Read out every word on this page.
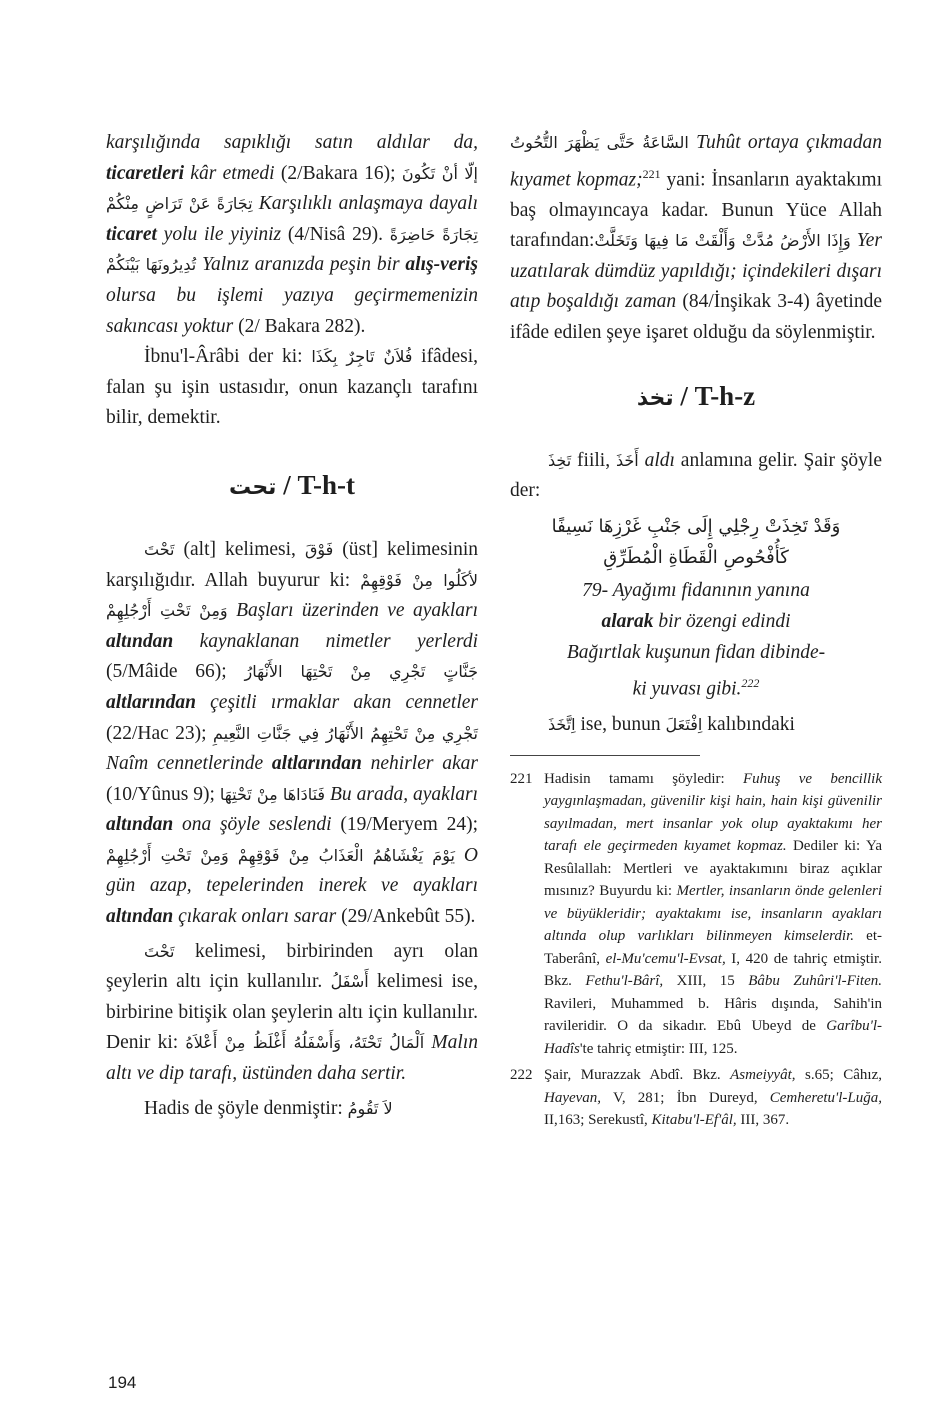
karşılığında sapıklığı satın aldılar da, ticaretleri kâr etmedi (2/Bakara 16); إلّا أنْ تَكُونَ تِجَارَةً عَنْ تَرَاضٍ مِنْكُمْ Karşılıklı anlaşmaya dayalı ticaret yolu ile yiyiniz (4/Nisâ 29). تِجَارَةً حَاضِرَةً تُدِيرُونَهَا بَيْنَكُمْ Yalnız aranızda peşin bir alış-veriş olursa bu işlemi yazıya geçirmemenizin sakıncası yoktur (2/ Bakara 282).

İbnu'l-Ârâbi der ki: فُلاَنٌ تَاجِرٌ بِكَذَا ifâdesi, falan şu işin ustasıdır, onun kazançlı tarafını bilir, demektir.

تحت / T-h-t

تَحْتَ (alt] kelimesi, فَوْقَ (üst] kelimesinin karşılığıdır. Allah buyurur ki: لأكَلُوا مِنْ فَوْقِهِمْ وَمِنْ تَحْتِ أَرْجُلِهِمْ Başları üzerinden ve ayakları altından kaynaklanan nimetler yerlerdi (5/Mâide 66); جَنَّاتٍ تَجْرِي مِنْ تَحْتِهَا الأَنْهَارُ altlarından çeşitli ırmaklar akan cennetler (22/Hac 23); تَجْرِي مِنْ تَحْتِهِمُ الأَنْهَارُ فِي جَنَّاتِ النَّعِيمِ Naîm cennetlerinde altlarından nehirler akar (10/Yûnus 9); فَنَادَاهَا مِنْ تَحْتِهَا Bu arada, ayakları altından ona şöyle seslendi (19/Meryem 24); يَوْمَ يَغْشَاهُمُ الْعَذَابُ مِنْ فَوْقِهِمْ وَمِنْ تَحْتِ أَرْجُلِهِمْ O gün azap, tepelerinden inerek ve ayakları altından çıkarak onları sarar (29/Ankebût 55).

تَحْتَ kelimesi, birbirinden ayrı olan şeylerin altı için kullanılır. أَسْفَلُ kelimesi ise, birbirine bitişik olan şeylerin altı için kullanılır. Denir ki: اَلْمَالُ تَحْتَهُ، وَأَسْفَلُهُ أَغْلَظُ مِنْ أَعْلاَهُ Malın altı ve dip tarafı, üstünden daha sertir.

Hadis de şöyle denmiştir: لاَ تَقُومُ

السَّاعَةُ حَتَّى يَظْهَرَ التُّحُوتُ Tuhût ortaya çıkmadan kıyamet kopmaz;$^{221}$ yani: İnsanların ayaktakımı baş olmayıncaya kadar. Bunun Yüce Allah tarafından:وَإِذَا الأَرْضُ مُدَّتْ وَأَلْقَتْ مَا فِيهَا وَتَخَلَّتْ Yer uzatılarak dümdüz yapıldığı; içindekileri dışarı atıp boşaldığı zaman (84/İnşikak 3-4) âyetinde ifâde edilen şeye işaret olduğu da söylenmiştir.

تخذ / T-h-z

تَخِذَ fiili, أَخَذَ aldı anlamına gelir. Şair şöyle der:

وَقَدْ تَخِذَتْ رِجْلِي إِلَى جَنْبِ غَرْزِهَا نَسِيفًا
كَأُفْحُوصِ الْقَطَاةِ الْمُطَرِّقِ
79- Ayağımı fidanının yanına
alarak bir özengi edindi
Bağırtlak kuşunun fidan dibinde-
ki yuvası gibi.$^{222}$

اِتَّخَذَ ise, bunun اِفْتَعَلَ kalıbındaki

221 Hadisin tamamı şöyledir: Fuhuş ve bencillik yaygınlaşmadan, güvenilir kişi hain, hain kişi güvenilir sayılmadan, mert insanlar yok olup ayaktakımı her tarafı ele geçirmeden kıyamet kopmaz. Dediler ki: Ya Resûlallah: Mertleri ve ayaktakımını biraz açıklar mısınız? Buyurdu ki: Mertler, insanların önde gelenleri ve büyükleridir; ayaktakımı ise, insanların ayakları altında olup varlıkları bilinmeyen kimselerdir. et-Taberânî, el-Mu'cemu'l-Evsat, I, 420 de tahriç etmiştir. Bkz. Fethu'l-Bârî, XIII, 15 Bâbu Zuhûri'l-Fiten. Ravileri, Muhammed b. Hâris dışında, Sahih'in ravileridir. O da sikadır. Ebû Ubeyd de Garîbu'l-Hadîs'te tahriç etmiştir: III, 125.

222 Şair, Murazzak Abdî. Bkz. Asmeiyyât, s.65; Câhız, Hayevan, V, 281; İbn Dureyd, Cemheretu'l-Luğa, II,163; Serekustî, Kitabu'l-Ef'âl, III, 367.

194
